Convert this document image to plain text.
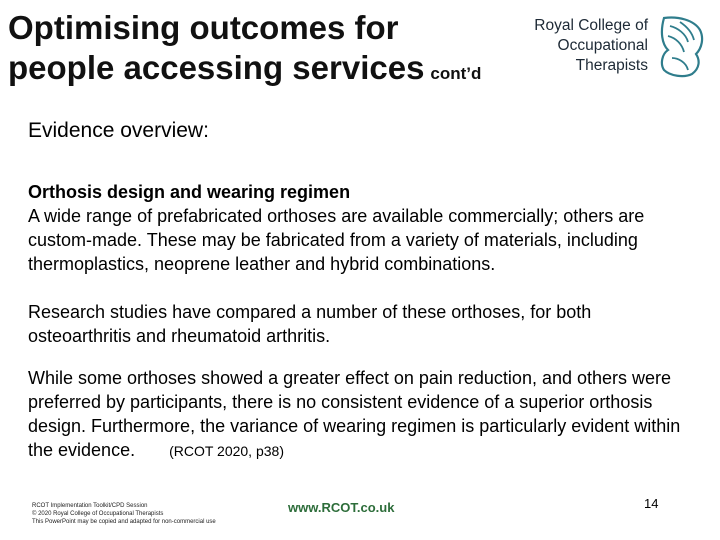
Optimising outcomes for
people accessing services cont’d
Royal College of
Occupational
Therapists
Evidence overview:
Orthosis design and wearing regimen
A wide range of prefabricated orthoses are available commercially; others are custom-made. These may be fabricated from a variety of materials, including thermoplastics, neoprene leather and hybrid combinations.
Research studies have compared a number of these orthoses, for both osteoarthritis and rheumatoid arthritis.
While some orthoses showed a greater effect on pain reduction, and others were preferred by participants, there is no consistent evidence of a superior orthosis design. Furthermore, the variance of wearing regimen is particularly evident within the evidence. (RCOT 2020, p38)
RCOT Implementation Toolkit/CPD Session
© 2020 Royal College of Occupational Therapists
This PowerPoint may be copied and adapted for non-commercial use
www.RCOT.co.uk	14
